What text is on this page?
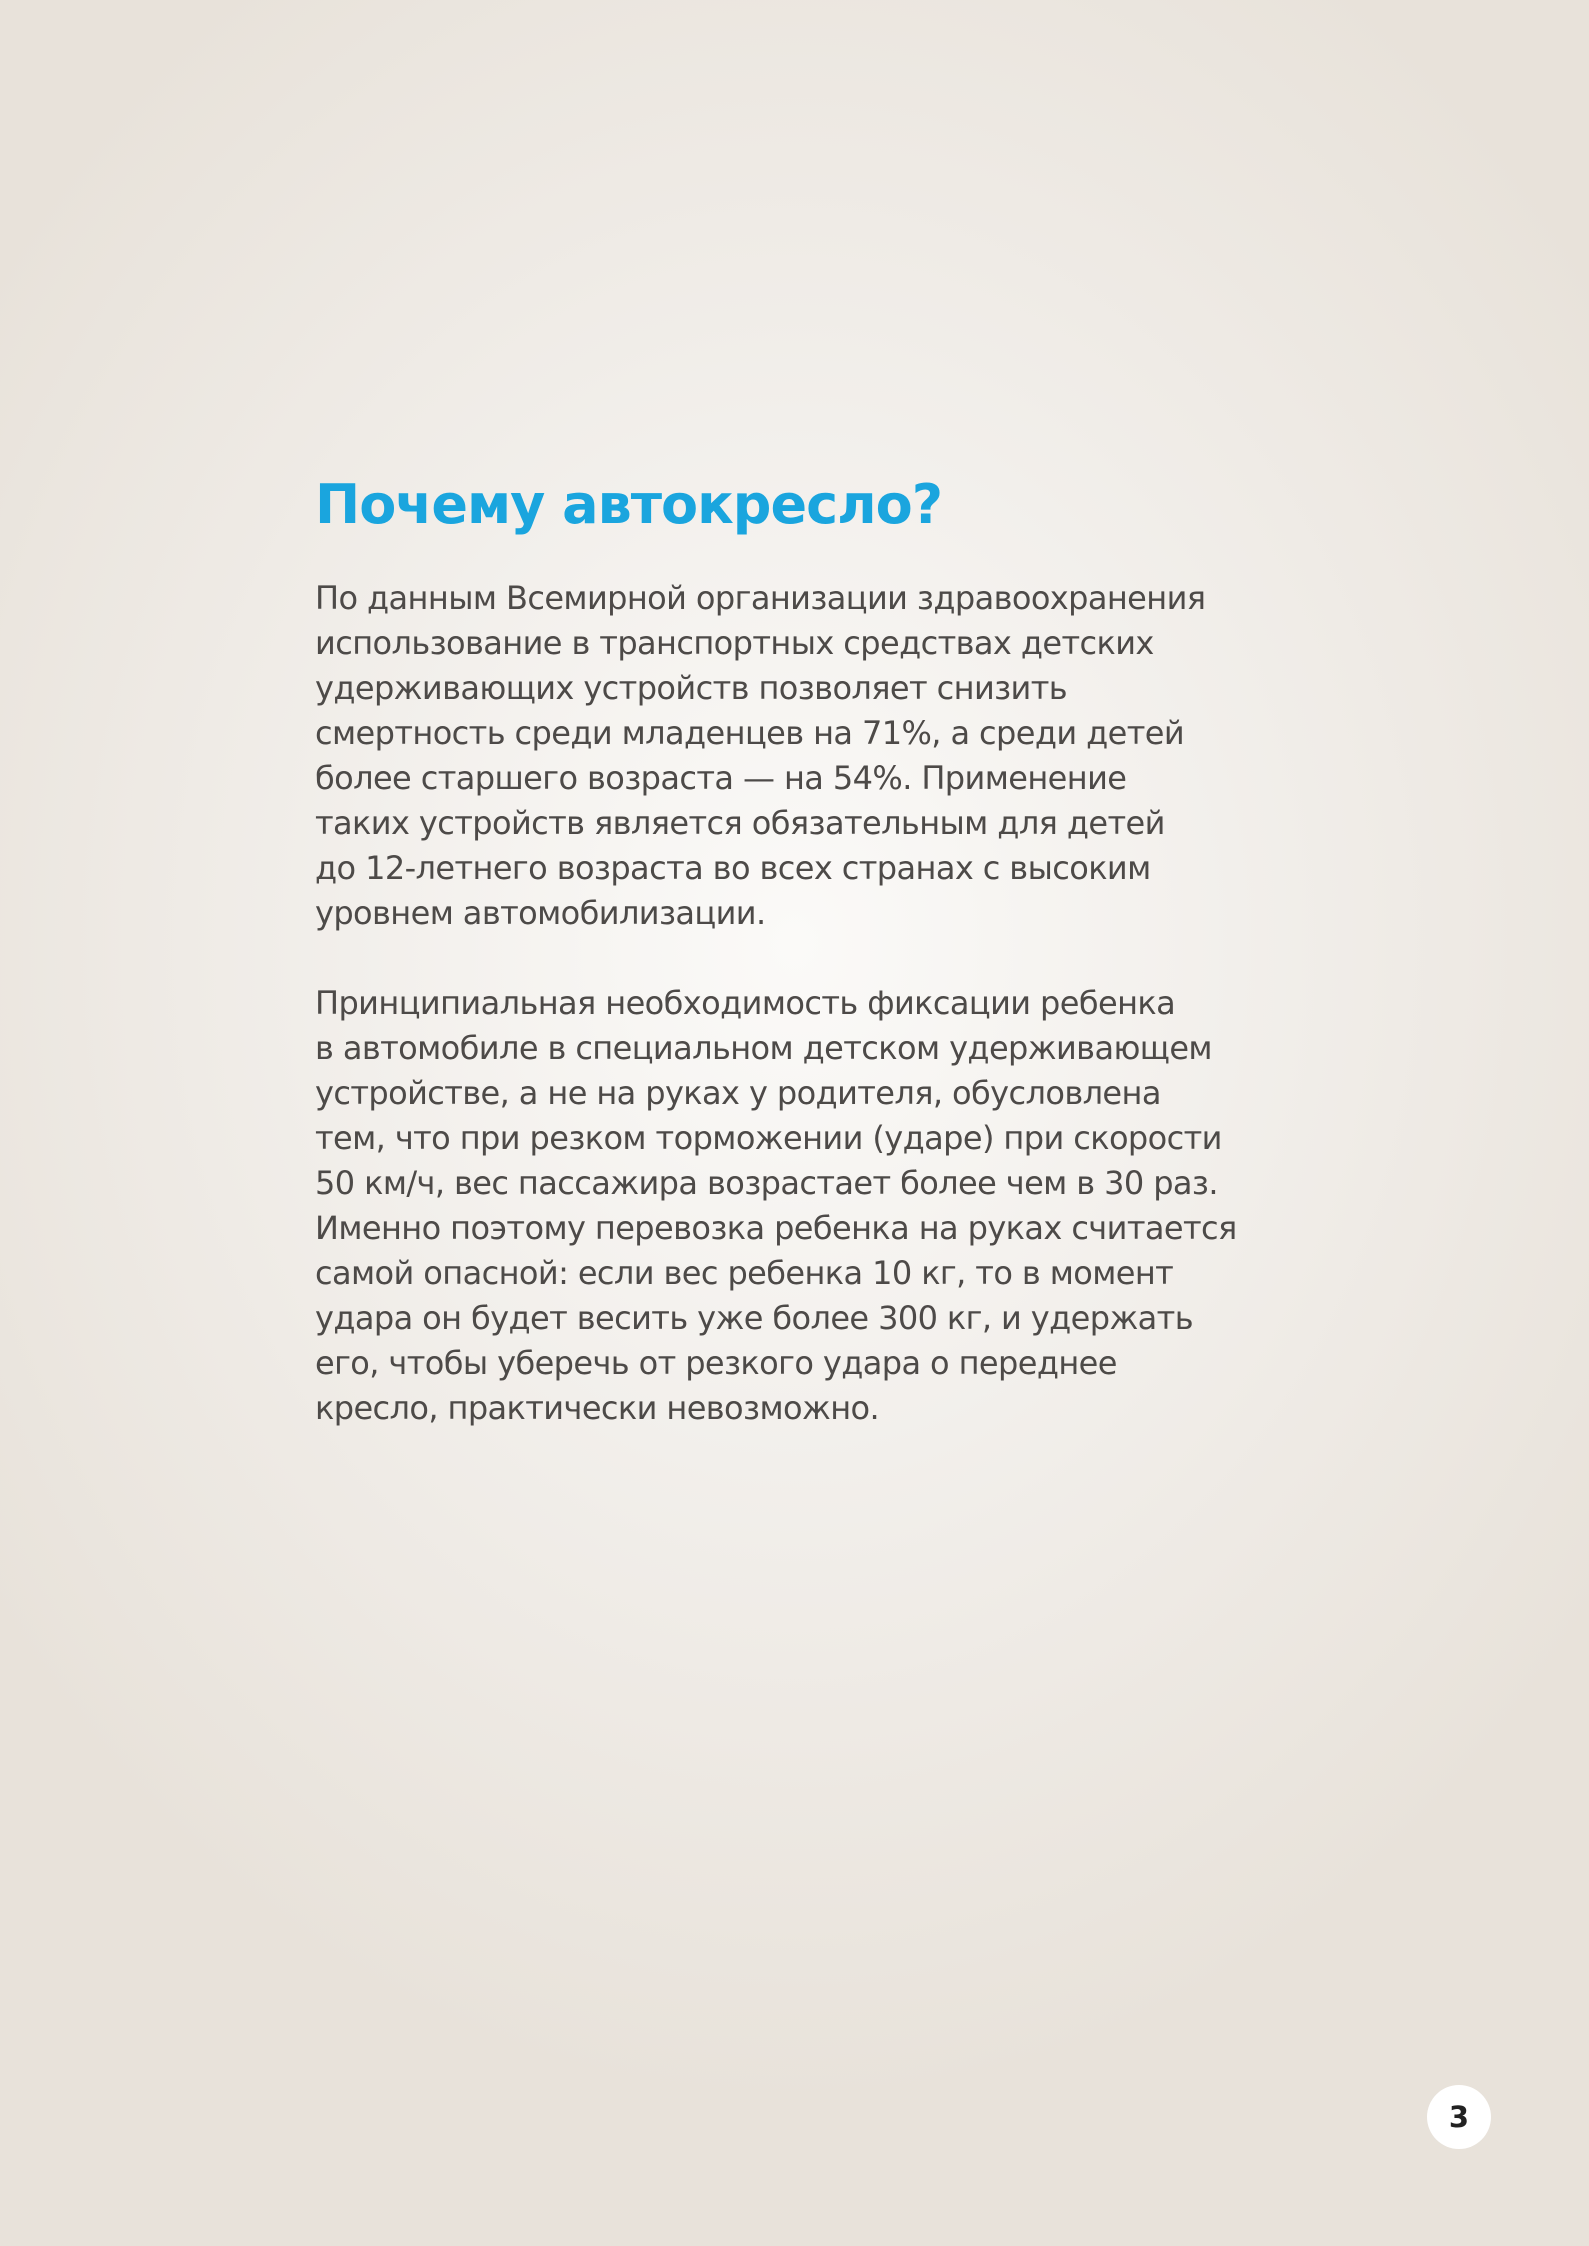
Почему автокресло?

По данным Всемирной организации здравоохранения
использование в транспортных средствах детских
удерживающих устройств позволяет снизить
смертность среди младенцев на 71%, а среди детей
более старшего возраста — на 54%. Применение
таких устройств является обязательным для детей
до 12-летнего возраста во всех странах с высоким
уровнем автомобилизации.

Принципиальная необходимость фиксации ребенка
в автомобиле в специальном детском удерживающем
устройстве, а не на руках у родителя, обусловлена
тем, что при резком торможении (ударе) при скорости
50 км/ч, вес пассажира возрастает более чем в 30 раз.
Именно поэтому перевозка ребенка на руках считается
самой опасной: если вес ребенка 10 кг, то в момент
удара он будет весить уже более 300 кг, и удержать
его, чтобы уберечь от резкого удара о переднее
кресло, практически невозможно.

3
